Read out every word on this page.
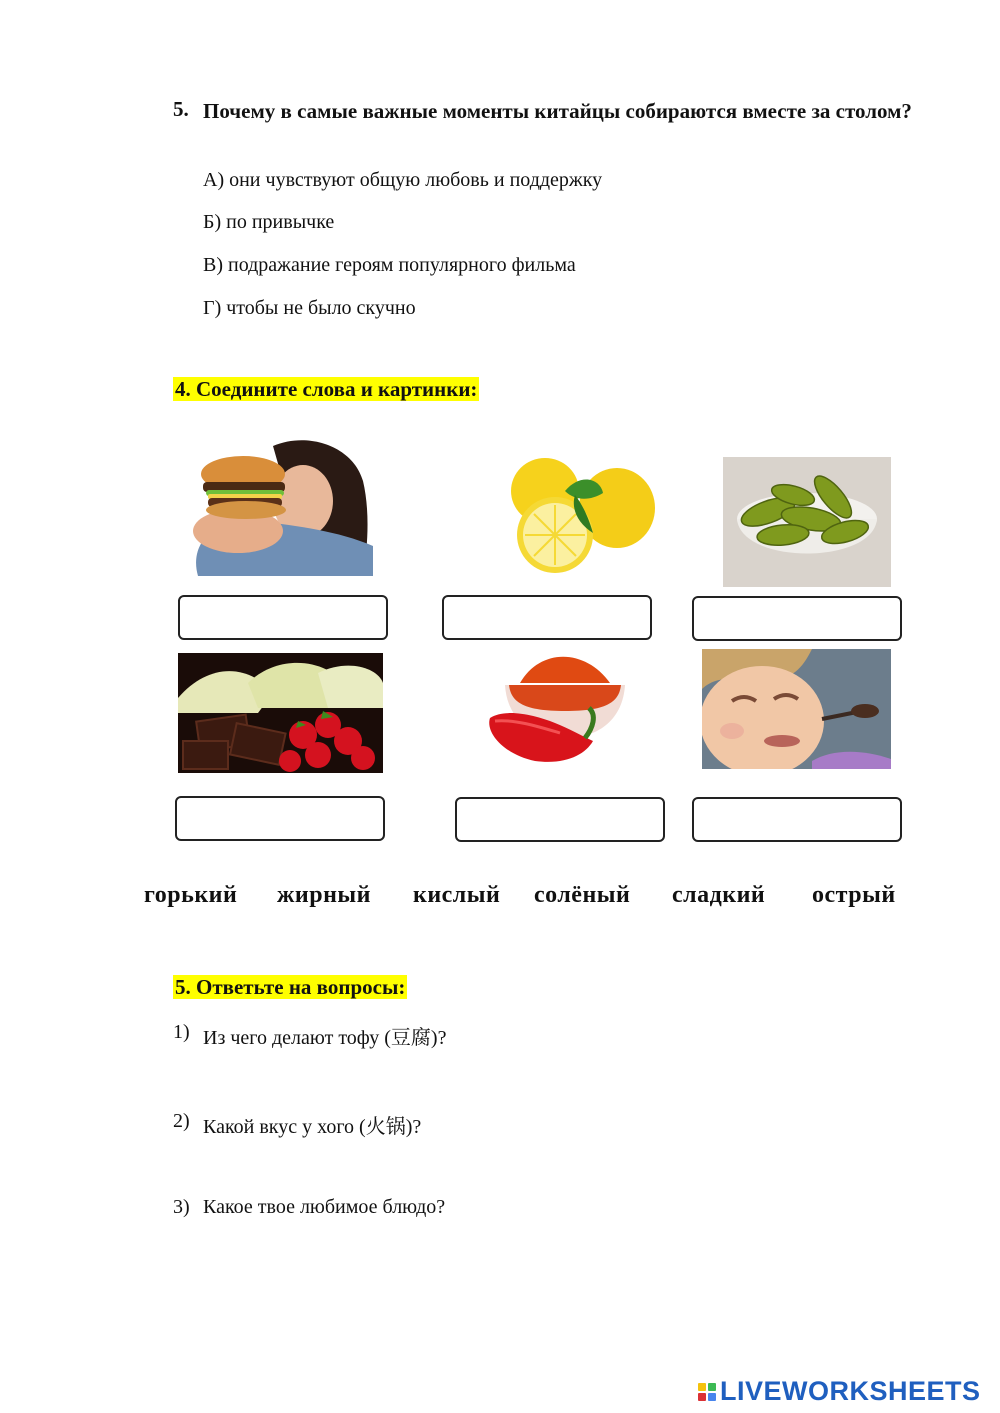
5. Почему в самые важные моменты китайцы собираются вместе за столом?
А) они чувствуют общую любовь и поддержку
Б) по привычке
В) подражание героям популярного фильма
Г) чтобы не было скучно
4. Соедините слова и картинки:
горький жирный кислый солёный сладкий острый
5. Ответьте на вопросы:
1) Из чего делают тофу (豆腐)?
2) Какой вкус у хого (火锅)?
3) Какое твое любимое блюдо?
LIVEWORKSHEETS
